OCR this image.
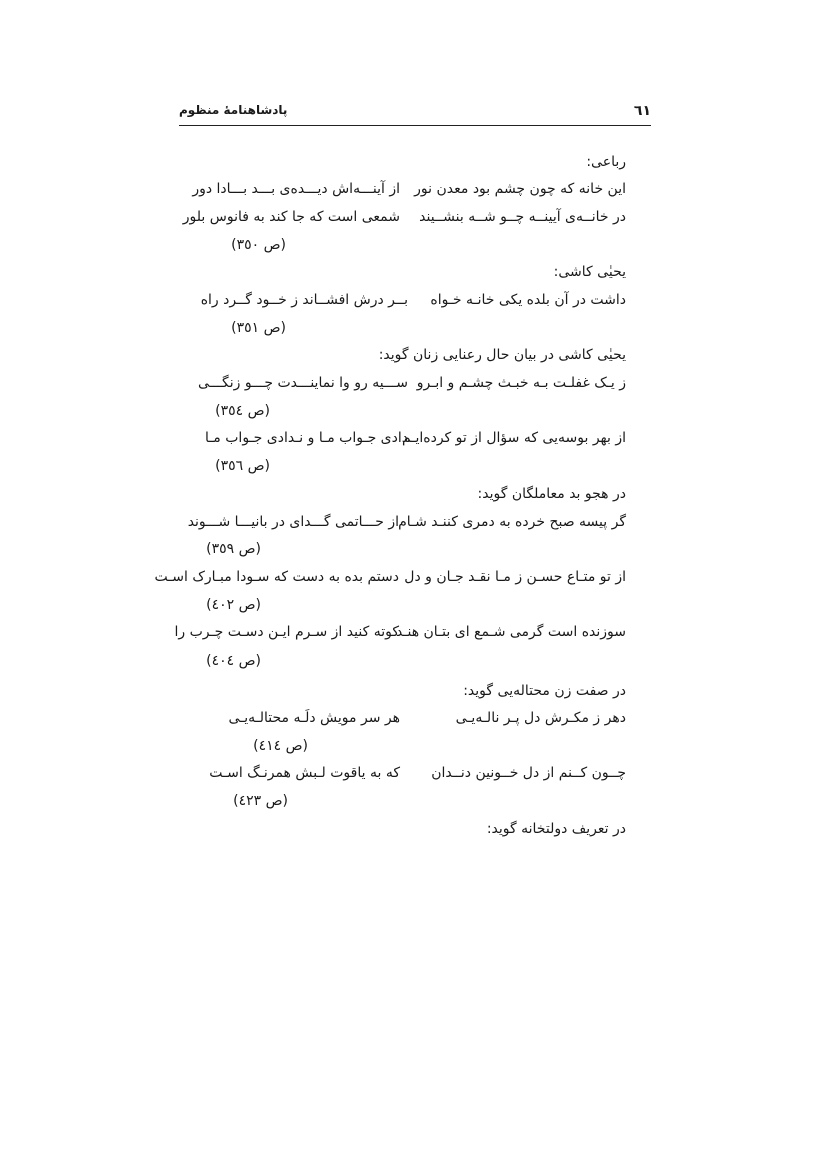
٦١
پادشاهنامهٔ منظوم
رباعی:
این خانه که چون چشم بود معدن نور
از آینـــه‌اش دیـــده‌ی بـــد بـــادا دور
در خانــه‌ی آیینــه چــو شــه بنشــیند
شمعی است که جا کند به فانوس بلور
(ص ٣٥٠)
یحیٰی کاشی:
داشت در آن بلده یکی خانـه خـواه
بــر درش افشــاند ز خــود گــرد راه
(ص ٣٥١)
یحیٰی کاشی در بیان حال رعنایی زنان گوید:
ز یـک غفلـت بـه خبـث چشـم و ابـرو
ســـیه رو وا نماینـــدت چـــو زنگـــی
(ص ٣٥٤)
از بهر بوسه‌یی که سؤال از تو کرده‌ایـم
دادی جـواب مـا و نـدادی جـواب مـا
(ص ٣٥٦)
در هجو بد معاملگان گوید:
گر پیسه صبح خرده به دمری کننـد شـام
از حـــاتمی گـــدای در بانیـــا شـــوند
(ص ٣٥٩)
از تو متـاع حسـن ز مـا نقـد جـان و دل
دستم بده به دست که سـودا مبـارک اسـت
(ص ٤٠٢)
سوزنده است گرمی شـمع ای بتـان هنـد
کوته کنید از سـرم ایـن دسـت چـرب را
(ص ٤٠٤)
در صفت زن محتاله‌یی گوید:
دهر ز مکـرش دل پـر نالـه‌یـی
هر سر مویش دلَـه محتالـه‌یـی
(ص ٤١٤)
چــون کــنم از دل خــونین دنــدان
که به یاقوت لـبش همرنـگ اسـت
(ص ٤٢٣)
در تعریف دولتخانه گوید:
